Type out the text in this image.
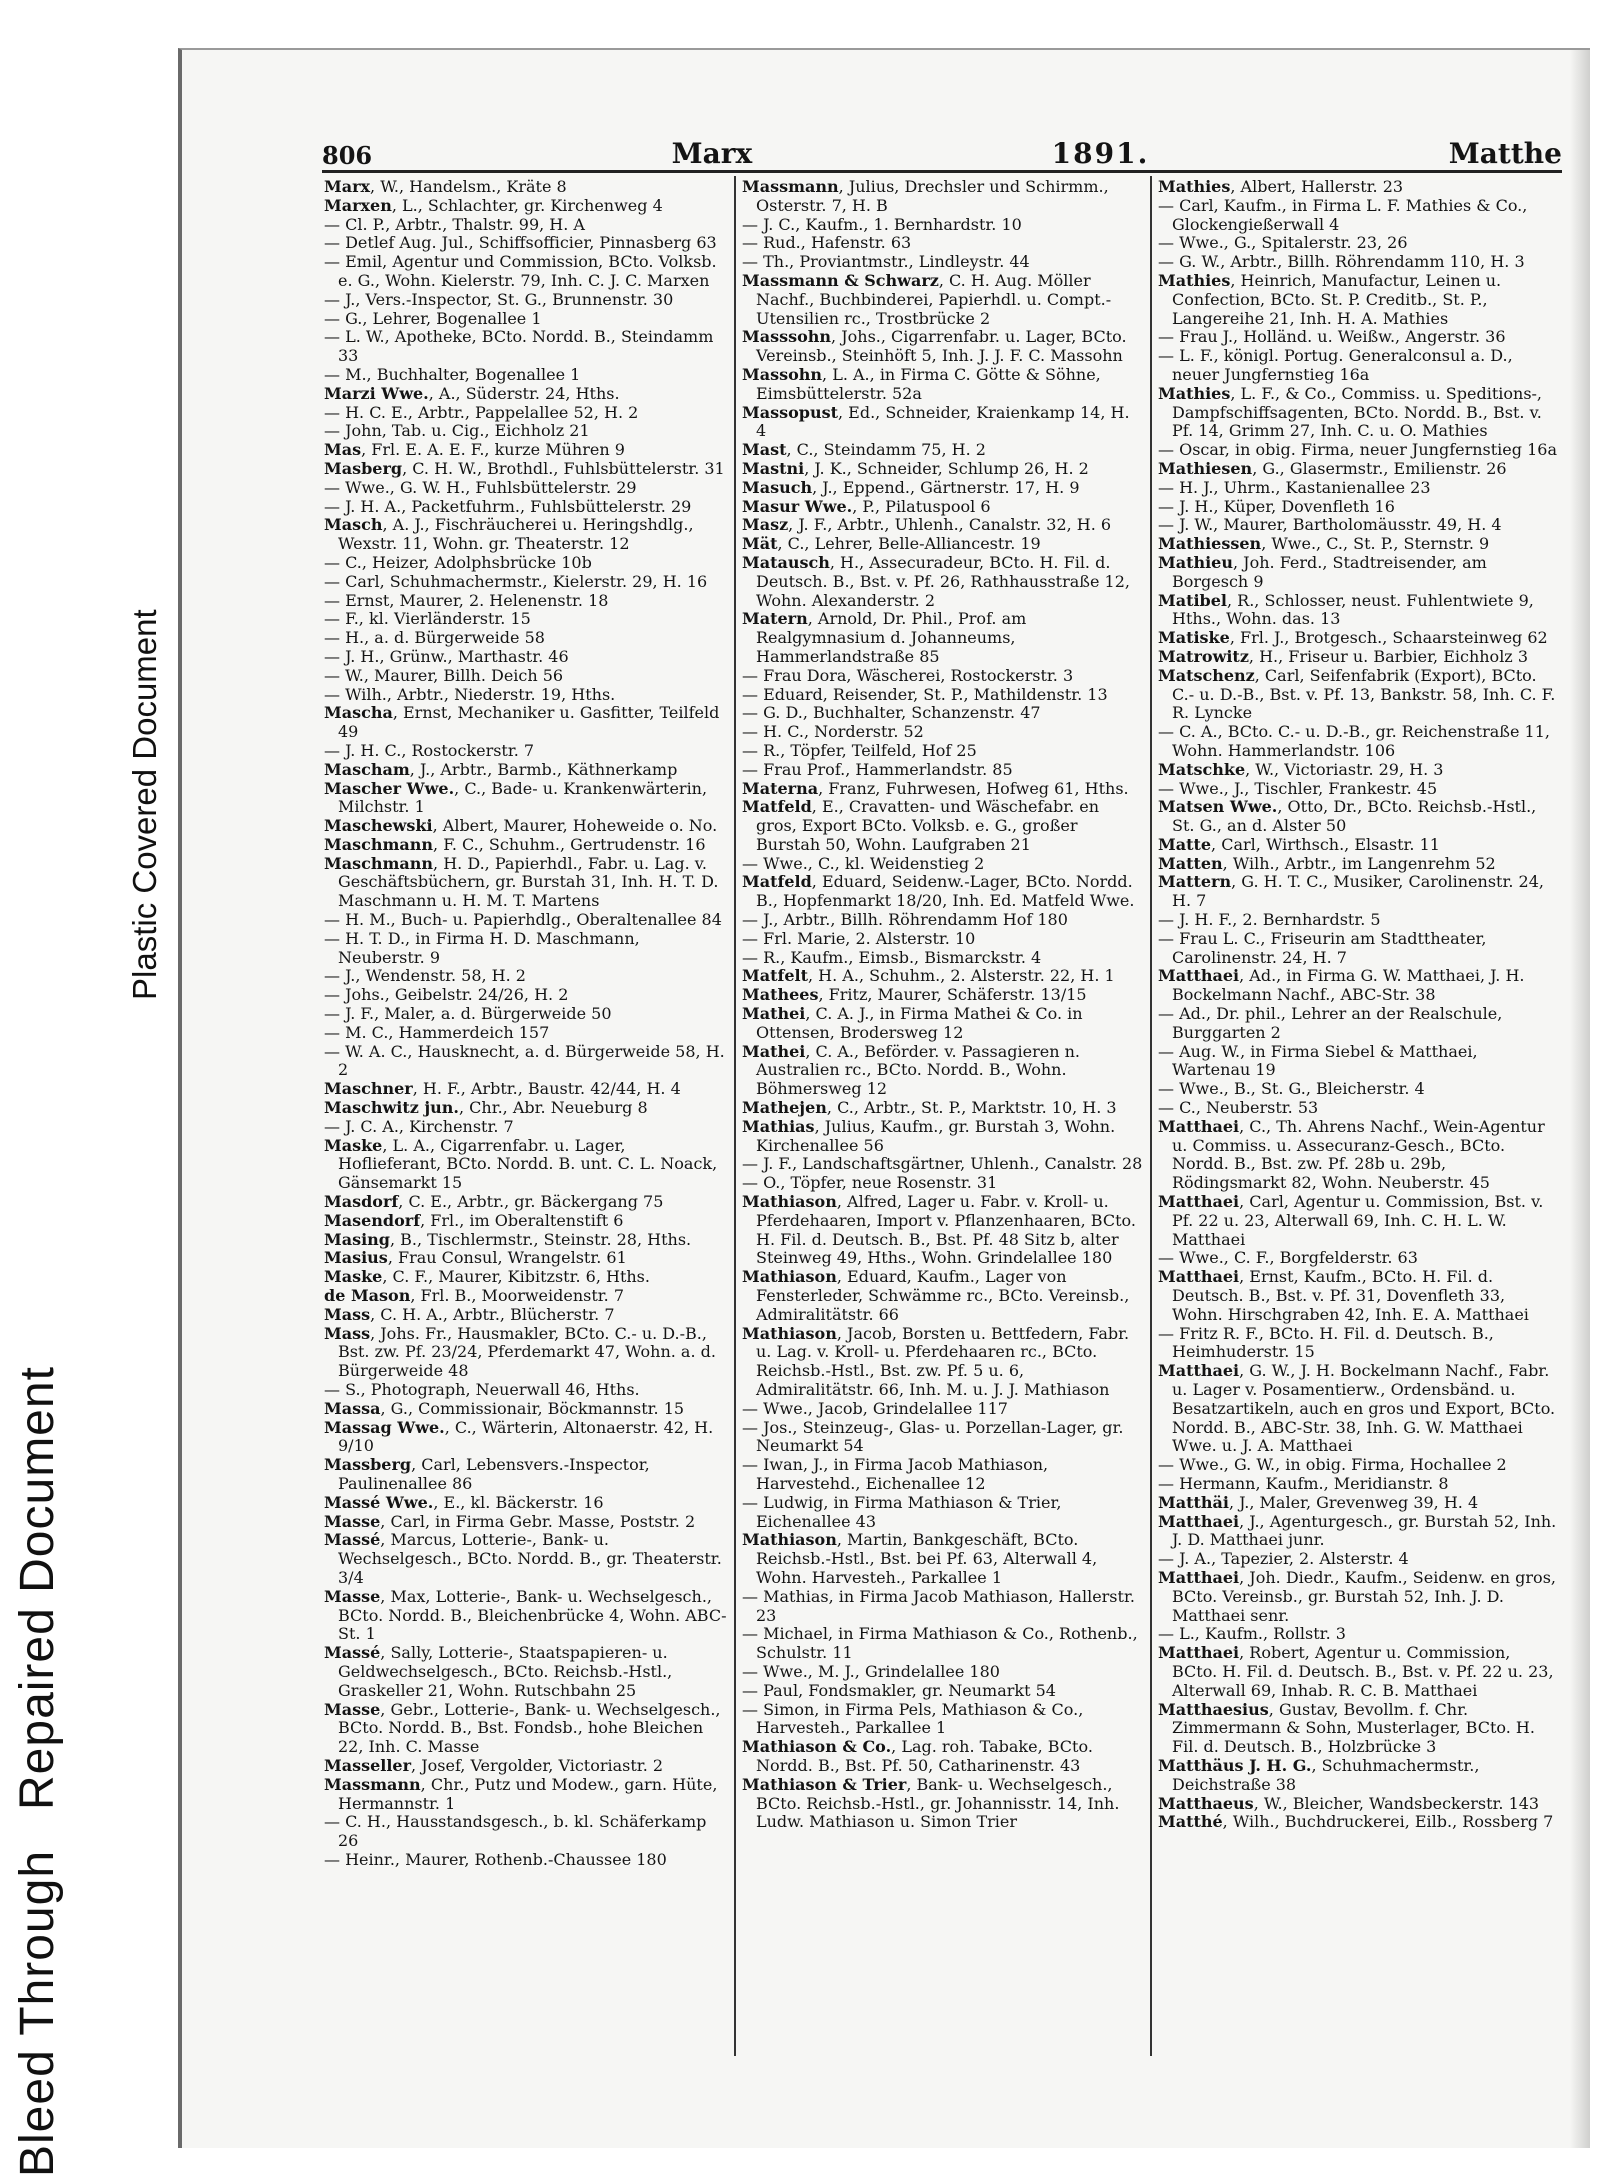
Bleed Through
Repaired Document
Plastic Covered Document
806	Marx	1891.	Matthe

Marx, W., Handelsm., Kräte 8

Marxen, L., Schlachter, gr. Kirchenweg 4

— Cl. P., Arbtr., Thalstr. 99, H. A

— Detlef Aug. Jul., Schiffsofficier, Pinnasberg 63

— Emil, Agentur und Commission, BCto. Volksb. e. G., Wohn. Kielerstr. 79, Inh. C. J. C. Marxen

— J., Vers.-Inspector, St. G., Brunnenstr. 30

— G., Lehrer, Bogenallee 1

— L. W., Apotheke, BCto. Nordd. B., Steindamm 33

— M., Buchhalter, Bogenallee 1

Marzi Wwe., A., Süderstr. 24, Hths.

— H. C. E., Arbtr., Pappelallee 52, H. 2

— John, Tab. u. Cig., Eichholz 21

Mas, Frl. E. A. E. F., kurze Mühren 9

Masberg, C. H. W., Brothdl., Fuhlsbüttelerstr. 31

— Wwe., G. W. H., Fuhlsbüttelerstr. 29

— J. H. A., Packetfuhrm., Fuhlsbüttelerstr. 29

Masch, A. J., Fischräucherei u. Heringshdlg., Wexstr. 11, Wohn. gr. Theaterstr. 12

— C., Heizer, Adolphsbrücke 10b

— Carl, Schuhmachermstr., Kielerstr. 29, H. 16

— Ernst, Maurer, 2. Helenenstr. 18

— F., kl. Vierländerstr. 15

— H., a. d. Bürgerweide 58

— J. H., Grünw., Marthastr. 46

— W., Maurer, Billh. Deich 56

— Wilh., Arbtr., Niederstr. 19, Hths.

Mascha, Ernst, Mechaniker u. Gasfitter, Teilfeld 49

— J. H. C., Rostockerstr. 7

Mascham, J., Arbtr., Barmb., Käthnerkamp

Mascher Wwe., C., Bade- u. Krankenwärterin, Milchstr. 1

Maschewski, Albert, Maurer, Hoheweide o. No.

Maschmann, F. C., Schuhm., Gertrudenstr. 16

Maschmann, H. D., Papierhdl., Fabr. u. Lag. v. Geschäftsbüchern, gr. Burstah 31, Inh. H. T. D. Maschmann u. H. M. T. Martens

— H. M., Buch- u. Papierhdlg., Oberaltenallee 84

— H. T. D., in Firma H. D. Maschmann, Neuberstr. 9

— J., Wendenstr. 58, H. 2

— Johs., Geibelstr. 24/26, H. 2

— J. F., Maler, a. d. Bürgerweide 50

— M. C., Hammerdeich 157

— W. A. C., Hausknecht, a. d. Bürgerweide 58, H. 2

Maschner, H. F., Arbtr., Baustr. 42/44, H. 4

Maschwitz jun., Chr., Abr. Neueburg 8

— J. C. A., Kirchenstr. 7

Maske, L. A., Cigarrenfabr. u. Lager, Hoflieferant, BCto. Nordd. B. unt. C. L. Noack, Gänsemarkt 15

Masdorf, C. E., Arbtr., gr. Bäckergang 75

Masendorf, Frl., im Oberaltenstift 6

Masing, B., Tischlermstr., Steinstr. 28, Hths.

Masius, Frau Consul, Wrangelstr. 61

Maske, C. F., Maurer, Kibitzstr. 6, Hths.

de Mason, Frl. B., Moorweidenstr. 7

Mass, C. H. A., Arbtr., Blücherstr. 7

Mass, Johs. Fr., Hausmakler, BCto. C.- u. D.-B., Bst. zw. Pf. 23/24, Pferdemarkt 47, Wohn. a. d. Bürgerweide 48

— S., Photograph, Neuerwall 46, Hths.

Massa, G., Commissionair, Böckmannstr. 15

Massag Wwe., C., Wärterin, Altonaerstr. 42, H. 9/10

Massberg, Carl, Lebensvers.-Inspector, Paulinenallee 86

Massé Wwe., E., kl. Bäckerstr. 16

Masse, Carl, in Firma Gebr. Masse, Poststr. 2

Massé, Marcus, Lotterie-, Bank- u. Wechselgesch., BCto. Nordd. B., gr. Theaterstr. 3/4

Masse, Max, Lotterie-, Bank- u. Wechselgesch., BCto. Nordd. B., Bleichenbrücke 4, Wohn. ABC-St. 1

Massé, Sally, Lotterie-, Staatspapieren- u. Geldwechselgesch., BCto. Reichsb.-Hstl., Graskeller 21, Wohn. Rutschbahn 25

Masse, Gebr., Lotterie-, Bank- u. Wechselgesch., BCto. Nordd. B., Bst. Fondsb., hohe Bleichen 22, Inh. C. Masse

Masseller, Josef, Vergolder, Victoriastr. 2

Massmann, Chr., Putz und Modew., garn. Hüte, Hermannstr. 1

— C. H., Hausstandsgesch., b. kl. Schäferkamp 26

— Heinr., Maurer, Rothenb.-Chaussee 180

Massmann, Julius, Drechsler und Schirmm., Osterstr. 7, H. B

— J. C., Kaufm., 1. Bernhardstr. 10

— Rud., Hafenstr. 63

— Th., Proviantmstr., Lindleystr. 44

Massmann & Schwarz, C. H. Aug. Möller Nachf., Buchbinderei, Papierhdl. u. Compt.-Utensilien rc., Trostbrücke 2

Masssohn, Johs., Cigarrenfabr. u. Lager, BCto. Vereinsb., Steinhöft 5, Inh. J. J. F. C. Massohn

Massohn, L. A., in Firma C. Götte & Söhne, Eimsbüttelerstr. 52a

Massopust, Ed., Schneider, Kraienkamp 14, H. 4

Mast, C., Steindamm 75, H. 2

Mastni, J. K., Schneider, Schlump 26, H. 2

Masuch, J., Eppend., Gärtnerstr. 17, H. 9

Masur Wwe., P., Pilatuspool 6

Masz, J. F., Arbtr., Uhlenh., Canalstr. 32, H. 6

Mät, C., Lehrer, Belle-Alliancestr. 19

Matausch, H., Assecuradeur, BCto. H. Fil. d. Deutsch. B., Bst. v. Pf. 26, Rathhausstraße 12, Wohn. Alexanderstr. 2

Matern, Arnold, Dr. Phil., Prof. am Realgymnasium d. Johanneums, Hammerlandstraße 85

— Frau Dora, Wäscherei, Rostockerstr. 3

— Eduard, Reisender, St. P., Mathildenstr. 13

— G. D., Buchhalter, Schanzenstr. 47

— H. C., Norderstr. 52

— R., Töpfer, Teilfeld, Hof 25

— Frau Prof., Hammerlandstr. 85

Materna, Franz, Fuhrwesen, Hofweg 61, Hths.

Matfeld, E., Cravatten- und Wäschefabr. en gros, Export BCto. Volksb. e. G., großer Burstah 50, Wohn. Laufgraben 21

— Wwe., C., kl. Weidenstieg 2

Matfeld, Eduard, Seidenw.-Lager, BCto. Nordd. B., Hopfenmarkt 18/20, Inh. Ed. Matfeld Wwe.

— J., Arbtr., Billh. Röhrendamm Hof 180

— Frl. Marie, 2. Alsterstr. 10

— R., Kaufm., Eimsb., Bismarckstr. 4

Matfelt, H. A., Schuhm., 2. Alsterstr. 22, H. 1

Mathees, Fritz, Maurer, Schäferstr. 13/15

Mathei, C. A. J., in Firma Mathei & Co. in Ottensen, Brodersweg 12

Mathei, C. A., Beförder. v. Passagieren n. Australien rc., BCto. Nordd. B., Wohn. Böhmersweg 12

Mathejen, C., Arbtr., St. P., Marktstr. 10, H. 3

Mathias, Julius, Kaufm., gr. Burstah 3, Wohn. Kirchenallee 56

— J. F., Landschaftsgärtner, Uhlenh., Canalstr. 28

— O., Töpfer, neue Rosenstr. 31

Mathiason, Alfred, Lager u. Fabr. v. Kroll- u. Pferdehaaren, Import v. Pflanzenhaaren, BCto. H. Fil. d. Deutsch. B., Bst. Pf. 48 Sitz b, alter Steinweg 49, Hths., Wohn. Grindelallee 180

Mathiason, Eduard, Kaufm., Lager von Fensterleder, Schwämme rc., BCto. Vereinsb., Admiralitätstr. 66

Mathiason, Jacob, Borsten u. Bettfedern, Fabr. u. Lag. v. Kroll- u. Pferdehaaren rc., BCto. Reichsb.-Hstl., Bst. zw. Pf. 5 u. 6, Admiralitätstr. 66, Inh. M. u. J. J. Mathiason

— Wwe., Jacob, Grindelallee 117

— Jos., Steinzeug-, Glas- u. Porzellan-Lager, gr. Neumarkt 54

— Iwan, J., in Firma Jacob Mathiason, Harvestehd., Eichenallee 12

— Ludwig, in Firma Mathiason & Trier, Eichenallee 43

Mathiason, Martin, Bankgeschäft, BCto. Reichsb.-Hstl., Bst. bei Pf. 63, Alterwall 4, Wohn. Harvesteh., Parkallee 1

— Mathias, in Firma Jacob Mathiason, Hallerstr. 23

— Michael, in Firma Mathiason & Co., Rothenb., Schulstr. 11

— Wwe., M. J., Grindelallee 180

— Paul, Fondsmakler, gr. Neumarkt 54

— Simon, in Firma Pels, Mathiason & Co., Harvesteh., Parkallee 1

Mathiason & Co., Lag. roh. Tabake, BCto. Nordd. B., Bst. Pf. 50, Catharinenstr. 43

Mathiason & Trier, Bank- u. Wechselgesch., BCto. Reichsb.-Hstl., gr. Johannisstr. 14, Inh. Ludw. Mathiason u. Simon Trier

Mathies, Albert, Hallerstr. 23

— Carl, Kaufm., in Firma L. F. Mathies & Co., Glockengießerwall 4

— Wwe., G., Spitalerstr. 23, 26

— G. W., Arbtr., Billh. Röhrendamm 110, H. 3

Mathies, Heinrich, Manufactur, Leinen u. Confection, BCto. St. P. Creditb., St. P., Langereihe 21, Inh. H. A. Mathies

— Frau J., Holländ. u. Weißw., Angerstr. 36

— L. F., königl. Portug. Generalconsul a. D., neuer Jungfernstieg 16a

Mathies, L. F., & Co., Commiss. u. Speditions-, Dampfschiffsagenten, BCto. Nordd. B., Bst. v. Pf. 14, Grimm 27, Inh. C. u. O. Mathies

— Oscar, in obig. Firma, neuer Jungfernstieg 16a

Mathiesen, G., Glasermstr., Emilienstr. 26

— H. J., Uhrm., Kastanienallee 23

— J. H., Küper, Dovenfleth 16

— J. W., Maurer, Bartholomäusstr. 49, H. 4

Mathiessen, Wwe., C., St. P., Sternstr. 9

Mathieu, Joh. Ferd., Stadtreisender, am Borgesch 9

Matibel, R., Schlosser, neust. Fuhlentwiete 9, Hths., Wohn. das. 13

Matiske, Frl. J., Brotgesch., Schaarsteinweg 62

Matrowitz, H., Friseur u. Barbier, Eichholz 3

Matschenz, Carl, Seifenfabrik (Export), BCto. C.- u. D.-B., Bst. v. Pf. 13, Bankstr. 58, Inh. C. F. R. Lyncke

— C. A., BCto. C.- u. D.-B., gr. Reichenstraße 11, Wohn. Hammerlandstr. 106

Matschke, W., Victoriastr. 29, H. 3

— Wwe., J., Tischler, Frankestr. 45

Matsen Wwe., Otto, Dr., BCto. Reichsb.-Hstl., St. G., an d. Alster 50

Matte, Carl, Wirthsch., Elsastr. 11

Matten, Wilh., Arbtr., im Langenrehm 52

Mattern, G. H. T. C., Musiker, Carolinenstr. 24, H. 7

— J. H. F., 2. Bernhardstr. 5

— Frau L. C., Friseurin am Stadttheater, Carolinenstr. 24, H. 7

Matthaei, Ad., in Firma G. W. Matthaei, J. H. Bockelmann Nachf., ABC-Str. 38

— Ad., Dr. phil., Lehrer an der Realschule, Burggarten 2

— Aug. W., in Firma Siebel & Matthaei, Wartenau 19

— Wwe., B., St. G., Bleicherstr. 4

— C., Neuberstr. 53

Matthaei, C., Th. Ahrens Nachf., Wein-Agentur u. Commiss. u. Assecuranz-Gesch., BCto. Nordd. B., Bst. zw. Pf. 28b u. 29b, Rödingsmarkt 82, Wohn. Neuberstr. 45

Matthaei, Carl, Agentur u. Commission, Bst. v. Pf. 22 u. 23, Alterwall 69, Inh. C. H. L. W. Matthaei

— Wwe., C. F., Borgfelderstr. 63

Matthaei, Ernst, Kaufm., BCto. H. Fil. d. Deutsch. B., Bst. v. Pf. 31, Dovenfleth 33, Wohn. Hirschgraben 42, Inh. E. A. Matthaei

— Fritz R. F., BCto. H. Fil. d. Deutsch. B., Heimhuderstr. 15

Matthaei, G. W., J. H. Bockelmann Nachf., Fabr. u. Lager v. Posamentierw., Ordensbänd. u. Besatzartikeln, auch en gros und Export, BCto. Nordd. B., ABC-Str. 38, Inh. G. W. Matthaei Wwe. u. J. A. Matthaei

— Wwe., G. W., in obig. Firma, Hochallee 2

— Hermann, Kaufm., Meridianstr. 8

Matthäi, J., Maler, Grevenweg 39, H. 4

Matthaei, J., Agenturgesch., gr. Burstah 52, Inh. J. D. Matthaei junr.

— J. A., Tapezier, 2. Alsterstr. 4

Matthaei, Joh. Diedr., Kaufm., Seidenw. en gros, BCto. Vereinsb., gr. Burstah 52, Inh. J. D. Matthaei senr.

— L., Kaufm., Rollstr. 3

Matthaei, Robert, Agentur u. Commission, BCto. H. Fil. d. Deutsch. B., Bst. v. Pf. 22 u. 23, Alterwall 69, Inhab. R. C. B. Matthaei

Matthaesius, Gustav, Bevollm. f. Chr. Zimmermann & Sohn, Musterlager, BCto. H. Fil. d. Deutsch. B., Holzbrücke 3

Matthäus J. H. G., Schuhmachermstr., Deichstraße 38

Matthaeus, W., Bleicher, Wandsbeckerstr. 143

Matthé, Wilh., Buchdruckerei, Eilb., Rossberg 7
